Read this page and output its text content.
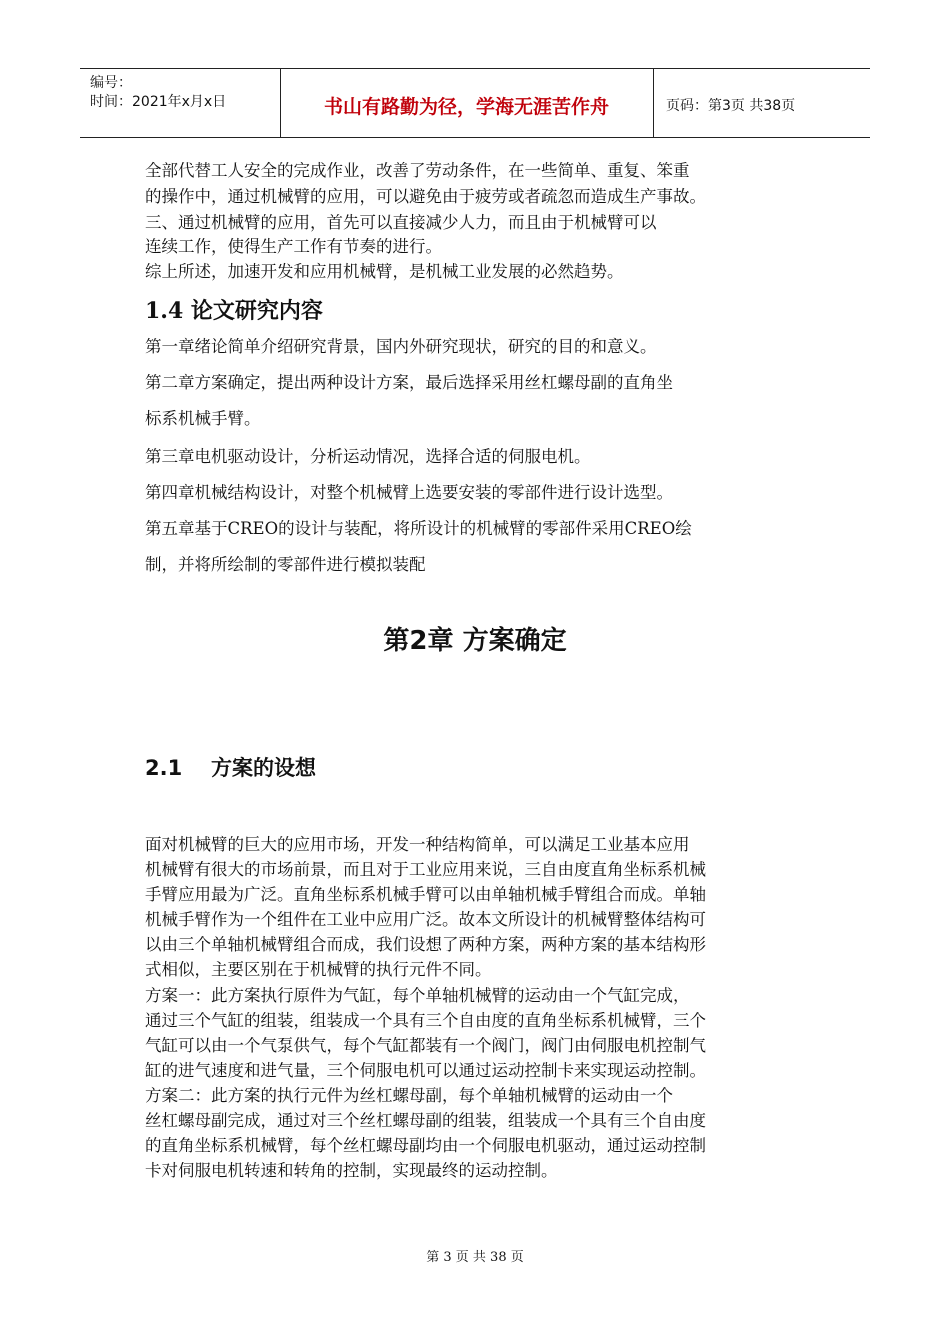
编号：
时间：2021年x月x日	书山有路勤为径，学海无涯苦作舟	页码：第3页 共38页

全部代替工人安全的完成作业，改善了劳动条件，在一些简单、重复、笨重

的操作中，通过机械臂的应用，可以避免由于疲劳或者疏忽而造成生产事故。

三、通过机械臂的应用，首先可以直接减少人力，而且由于机械臂可以

连续工作，使得生产工作有节奏的进行。

综上所述，加速开发和应用机械臂，是机械工业发展的必然趋势。

1.4 论文研究内容

第一章绪论简单介绍研究背景，国内外研究现状，研究的目的和意义。

第二章方案确定，提出两种设计方案，最后选择采用丝杠螺母副的直角坐

标系机械手臂。

第三章电机驱动设计，分析运动情况，选择合适的伺服电机。

第四章机械结构设计，对整个机械臂上选要安装的零部件进行设计选型。

第五章基于CREO的设计与装配，将所设计的机械臂的零部件采用CREO绘

制，并将所绘制的零部件进行模拟装配

第2章 方案确定
2.1 方案的设想

面对机械臂的巨大的应用市场，开发一种结构简单，可以满足工业基本应用

机械臂有很大的市场前景，而且对于工业应用来说，三自由度直角坐标系机械

手臂应用最为广泛。直角坐标系机械手臂可以由单轴机械手臂组合而成。单轴

机械手臂作为一个组件在工业中应用广泛。故本文所设计的机械臂整体结构可

以由三个单轴机械臂组合而成，我们设想了两种方案，两种方案的基本结构形

式相似，主要区别在于机械臂的执行元件不同。

方案一：此方案执行原件为气缸，每个单轴机械臂的运动由一个气缸完成，

通过三个气缸的组装，组装成一个具有三个自由度的直角坐标系机械臂，三个

气缸可以由一个气泵供气，每个气缸都装有一个阀门，阀门由伺服电机控制气

缸的进气速度和进气量，三个伺服电机可以通过运动控制卡来实现运动控制。

方案二：此方案的执行元件为丝杠螺母副，每个单轴机械臂的运动由一个

丝杠螺母副完成，通过对三个丝杠螺母副的组装，组装成一个具有三个自由度

的直角坐标系机械臂，每个丝杠螺母副均由一个伺服电机驱动，通过运动控制

卡对伺服电机转速和转角的控制，实现最终的运动控制。

第 3 页 共 38 页
